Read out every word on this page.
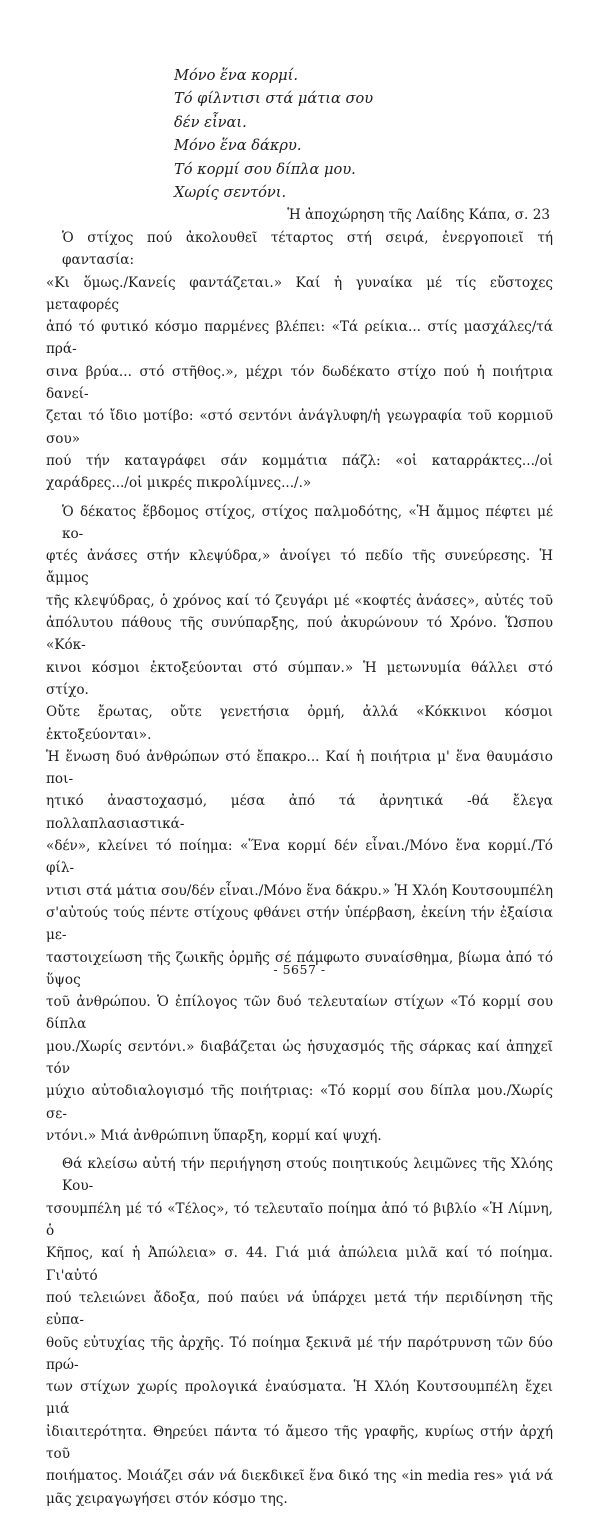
Μόνο ἕνα κορμί.
Τό φίλντισι στά μάτια σου
δέν εἶναι.
Μόνο ἕνα δάκρυ.
Τό κορμί σου δίπλα μου.
Χωρίς σεντόνι.
Ἡ ἀποχώρηση τῆς Λαίδης Κάπα, σ. 23

Ὁ στίχος πού ἀκολουθεῖ τέταρτος στή σειρά, ἐνεργοποιεῖ τή φαντασία:
«Κι ὅμως./Κανείς φαντάζεται.» Καί ἡ γυναίκα μέ τίς εὔστοχες μεταφορές
ἀπό τό φυτικό κόσμο παρμένες βλέπει: «Τά ρείκια... στίς μασχάλες/τά πρά-
σινα βρύα... στό στῆθος.», μέχρι τόν δωδέκατο στίχο πού ἡ ποιήτρια δανεί-
ζεται τό ἴδιο μοτίβο: «στό σεντόνι ἀνάγλυφη/ἡ γεωγραφία τοῦ κορμιοῦ σου»
πού τήν καταγράφει σάν κομμάτια πάζλ: «οἱ καταρράκτες.../οἱ
χαράδρες.../οἱ μικρές πικρολίμνες.../.»

Ὁ δέκατος ἕβδομος στίχος, στίχος παλμοδότης, «Ἡ ἄμμος πέφτει μέ κο-
φτές ἀνάσες στήν κλεψύδρα,» ἀνοίγει τό πεδίο τῆς συνεύρεσης. Ἡ ἄμμος
τῆς κλεψύδρας, ὁ χρόνος καί τό ζευγάρι μέ «κοφτές ἀνάσες», αὐτές τοῦ
ἀπόλυτου πάθους τῆς συνύπαρξης, πού ἀκυρώνουν τό Χρόνο. Ὥσπου «Κόκ-
κινοι κόσμοι ἐκτοξεύονται στό σύμπαν.» Ἡ μετωνυμία θάλλει στό στίχο.
Οὔτε ἔρωτας, οὔτε γενετήσια ὁρμή, ἀλλά «Κόκκινοι κόσμοι ἐκτοξεύονται».
Ἡ ἕνωση δυό ἀνθρώπων στό ἔπακρο... Καί ἡ ποιήτρια μ' ἕνα θαυμάσιο ποι-
ητικό ἀναστοχασμό, μέσα ἀπό τά ἀρνητικά -θά ἔλεγα πολλαπλασιαστικά-
«δέν», κλείνει τό ποίημα: «Ἕνα κορμί δέν εἶναι./Μόνο ἕνα κορμί./Τό φίλ-
ντισι στά μάτια σου/δέν εἶναι./Μόνο ἕνα δάκρυ.» Ἡ Χλόη Κουτσουμπέλη
σ'αὐτούς τούς πέντε στίχους φθάνει στήν ὑπέρβαση, ἐκείνη τήν ἐξαίσια με-
ταστοιχείωση τῆς ζωικῆς ὁρμῆς σέ πάμφωτο συναίσθημα, βίωμα ἀπό τό ὕψος
τοῦ ἀνθρώπου. Ὁ ἐπίλογος τῶν δυό τελευταίων στίχων «Τό κορμί σου δίπλα
μου./Χωρίς σεντόνι.» διαβάζεται ὡς ἡσυχασμός τῆς σάρκας καί ἀπηχεῖ τόν
μύχιο αὐτοδιαλογισμό τῆς ποιήτριας: «Τό κορμί σου δίπλα μου./Χωρίς σε-
ντόνι.» Μιά ἀνθρώπινη ὕπαρξη, κορμί καί ψυχή.

Θά κλείσω αὐτή τήν περιήγηση στούς ποιητικούς λειμῶνες τῆς Χλόης Κου-
τσουμπέλη μέ τό «Τέλος», τό τελευταῖο ποίημα ἀπό τό βιβλίο «Ἡ Λίμνη, ὁ
Κῆπος, καί ἡ Ἀπώλεια» σ. 44. Γιά μιά ἀπώλεια μιλᾶ καί τό ποίημα. Γι'αὐτό
πού τελειώνει ἄδοξα, πού παύει νά ὑπάρχει μετά τήν περιδίνηση τῆς εὐπα-
θοῦς εὐτυχίας τῆς ἀρχῆς. Τό ποίημα ξεκινᾶ μέ τήν παρότρυνση τῶν δύο πρώ-
των στίχων χωρίς προλογικά ἐναύσματα. Ἡ Χλόη Κουτσουμπέλη ἔχει μιά
ἰδιαιτερότητα. Θηρεύει πάντα τό ἄμεσο τῆς γραφῆς, κυρίως στήν ἀρχή τοῦ
ποιήματος. Μοιάζει σάν νά διεκδικεῖ ἕνα δικό της «in media res» γιά νά
μᾶς χειραγωγήσει στόν κόσμο της.

- 5657 -
